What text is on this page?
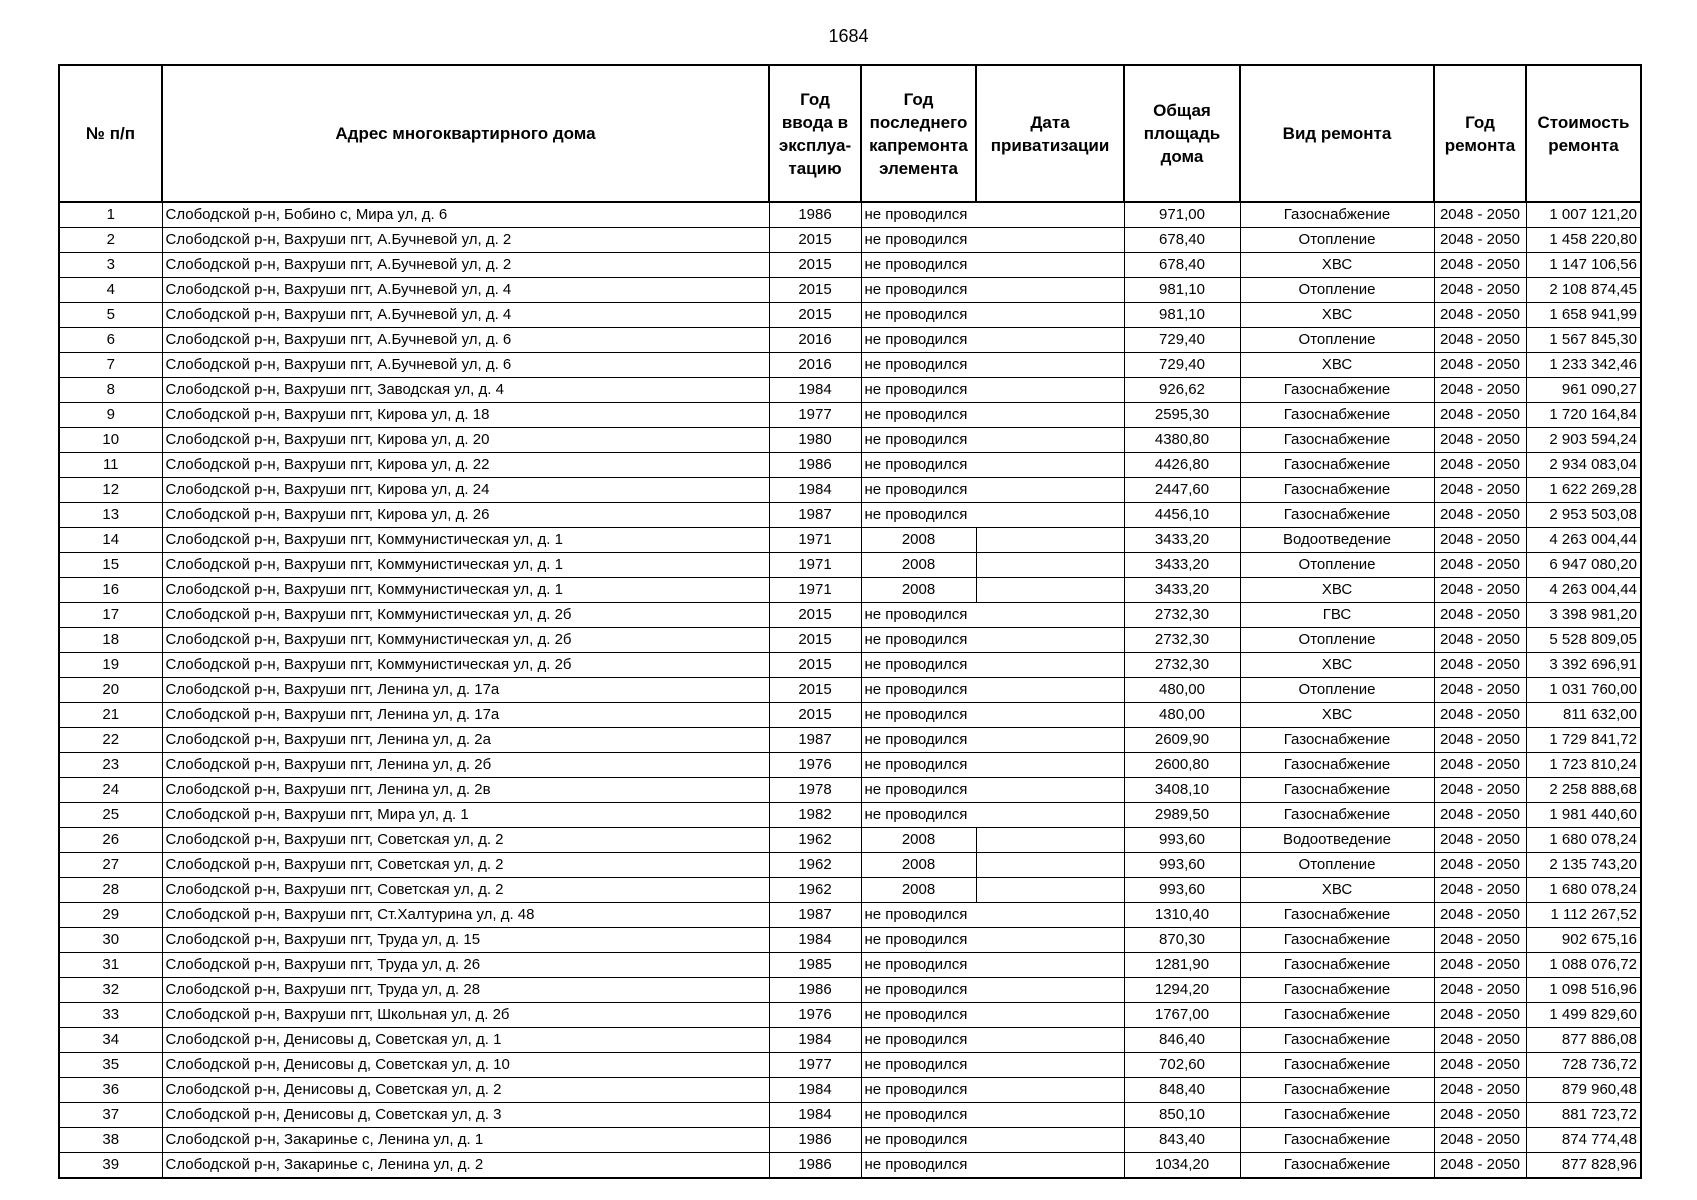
1684
№ п/п	Адрес многоквартирного дома	Год ввода в эксплуа-тацию	Год последнего капремонта элемента	Дата приватизации	Общая площадь дома	Вид ремонта	Год ремонта	Стоимость ремонта
1	Слободской р-н, Бобино с, Мира ул, д. 6	1986	не проводился		971,00	Газоснабжение	2048 - 2050	1 007 121,20
2	Слободской р-н, Вахруши пгт, А.Бучневой ул, д. 2	2015	не проводился		678,40	Отопление	2048 - 2050	1 458 220,80
3	Слободской р-н, Вахруши пгт, А.Бучневой ул, д. 2	2015	не проводился		678,40	ХВС	2048 - 2050	1 147 106,56
4	Слободской р-н, Вахруши пгт, А.Бучневой ул, д. 4	2015	не проводился		981,10	Отопление	2048 - 2050	2 108 874,45
5	Слободской р-н, Вахруши пгт, А.Бучневой ул, д. 4	2015	не проводился		981,10	ХВС	2048 - 2050	1 658 941,99
6	Слободской р-н, Вахруши пгт, А.Бучневой ул, д. 6	2016	не проводился		729,40	Отопление	2048 - 2050	1 567 845,30
7	Слободской р-н, Вахруши пгт, А.Бучневой ул, д. 6	2016	не проводился		729,40	ХВС	2048 - 2050	1 233 342,46
8	Слободской р-н, Вахруши пгт, Заводская ул, д. 4	1984	не проводился		926,62	Газоснабжение	2048 - 2050	961 090,27
9	Слободской р-н, Вахруши пгт, Кирова ул, д. 18	1977	не проводился		2595,30	Газоснабжение	2048 - 2050	1 720 164,84
10	Слободской р-н, Вахруши пгт, Кирова ул, д. 20	1980	не проводился		4380,80	Газоснабжение	2048 - 2050	2 903 594,24
11	Слободской р-н, Вахруши пгт, Кирова ул, д. 22	1986	не проводился		4426,80	Газоснабжение	2048 - 2050	2 934 083,04
12	Слободской р-н, Вахруши пгт, Кирова ул, д. 24	1984	не проводился		2447,60	Газоснабжение	2048 - 2050	1 622 269,28
13	Слободской р-н, Вахруши пгт, Кирова ул, д. 26	1987	не проводился		4456,10	Газоснабжение	2048 - 2050	2 953 503,08
14	Слободской р-н, Вахруши пгт, Коммунистическая ул, д. 1	1971	2008		3433,20	Водоотведение	2048 - 2050	4 263 004,44
15	Слободской р-н, Вахруши пгт, Коммунистическая ул, д. 1	1971	2008		3433,20	Отопление	2048 - 2050	6 947 080,20
16	Слободской р-н, Вахруши пгт, Коммунистическая ул, д. 1	1971	2008		3433,20	ХВС	2048 - 2050	4 263 004,44
17	Слободской р-н, Вахруши пгт, Коммунистическая ул, д. 2б	2015	не проводился		2732,30	ГВС	2048 - 2050	3 398 981,20
18	Слободской р-н, Вахруши пгт, Коммунистическая ул, д. 2б	2015	не проводился		2732,30	Отопление	2048 - 2050	5 528 809,05
19	Слободской р-н, Вахруши пгт, Коммунистическая ул, д. 2б	2015	не проводился		2732,30	ХВС	2048 - 2050	3 392 696,91
20	Слободской р-н, Вахруши пгт, Ленина ул, д. 17а	2015	не проводился		480,00	Отопление	2048 - 2050	1 031 760,00
21	Слободской р-н, Вахруши пгт, Ленина ул, д. 17а	2015	не проводился		480,00	ХВС	2048 - 2050	811 632,00
22	Слободской р-н, Вахруши пгт, Ленина ул, д. 2а	1987	не проводился		2609,90	Газоснабжение	2048 - 2050	1 729 841,72
23	Слободской р-н, Вахруши пгт, Ленина ул, д. 2б	1976	не проводился		2600,80	Газоснабжение	2048 - 2050	1 723 810,24
24	Слободской р-н, Вахруши пгт, Ленина ул, д. 2в	1978	не проводился		3408,10	Газоснабжение	2048 - 2050	2 258 888,68
25	Слободской р-н, Вахруши пгт, Мира ул, д. 1	1982	не проводился		2989,50	Газоснабжение	2048 - 2050	1 981 440,60
26	Слободской р-н, Вахруши пгт, Советская ул, д. 2	1962	2008		993,60	Водоотведение	2048 - 2050	1 680 078,24
27	Слободской р-н, Вахруши пгт, Советская ул, д. 2	1962	2008		993,60	Отопление	2048 - 2050	2 135 743,20
28	Слободской р-н, Вахруши пгт, Советская ул, д. 2	1962	2008		993,60	ХВС	2048 - 2050	1 680 078,24
29	Слободской р-н, Вахруши пгт, Ст.Халтурина ул, д. 48	1987	не проводился		1310,40	Газоснабжение	2048 - 2050	1 112 267,52
30	Слободской р-н, Вахруши пгт, Труда ул, д. 15	1984	не проводился		870,30	Газоснабжение	2048 - 2050	902 675,16
31	Слободской р-н, Вахруши пгт, Труда ул, д. 26	1985	не проводился		1281,90	Газоснабжение	2048 - 2050	1 088 076,72
32	Слободской р-н, Вахруши пгт, Труда ул, д. 28	1986	не проводился		1294,20	Газоснабжение	2048 - 2050	1 098 516,96
33	Слободской р-н, Вахруши пгт, Школьная ул, д. 2б	1976	не проводился		1767,00	Газоснабжение	2048 - 2050	1 499 829,60
34	Слободской р-н, Денисовы д, Советская ул, д. 1	1984	не проводился		846,40	Газоснабжение	2048 - 2050	877 886,08
35	Слободской р-н, Денисовы д, Советская ул, д. 10	1977	не проводился		702,60	Газоснабжение	2048 - 2050	728 736,72
36	Слободской р-н, Денисовы д, Советская ул, д. 2	1984	не проводился		848,40	Газоснабжение	2048 - 2050	879 960,48
37	Слободской р-н, Денисовы д, Советская ул, д. 3	1984	не проводился		850,10	Газоснабжение	2048 - 2050	881 723,72
38	Слободской р-н, Закаринье с, Ленина ул, д. 1	1986	не проводился		843,40	Газоснабжение	2048 - 2050	874 774,48
39	Слободской р-н, Закаринье с, Ленина ул, д. 2	1986	не проводился		1034,20	Газоснабжение	2048 - 2050	877 828,96
